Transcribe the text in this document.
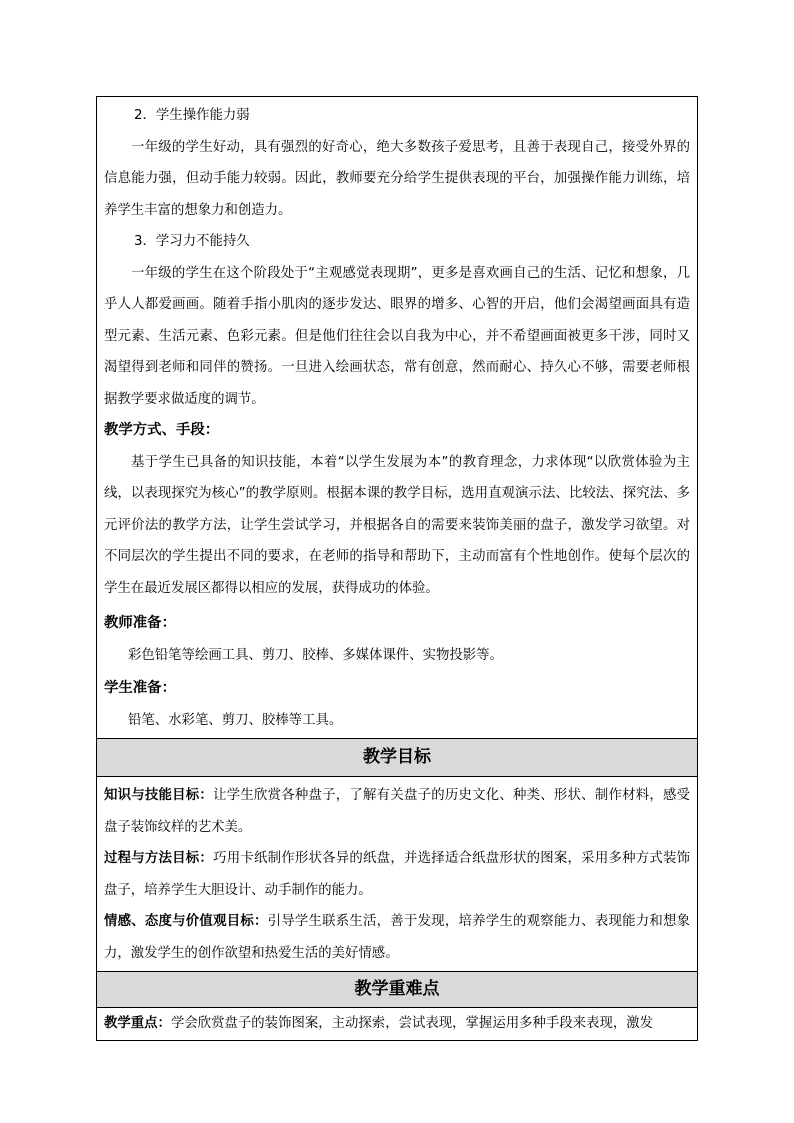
2．学生操作能力弱

一年级的学生好动，具有强烈的好奇心，绝大多数孩子爱思考，且善于表现自己，接受外界的信息能力强，但动手能力较弱。因此，教师要充分给学生提供表现的平台，加强操作能力训练，培养学生丰富的想象力和创造力。

3．学习力不能持久

一年级的学生在这个阶段处于“主观感觉表现期”，更多是喜欢画自己的生活、记忆和想象，几乎人人都爱画画。随着手指小肌肉的逐步发达、眼界的增多、心智的开启，他们会渴望画面具有造型元素、生活元素、色彩元素。但是他们往往会以自我为中心，并不希望画面被更多干涉，同时又渴望得到老师和同伴的赞扬。一旦进入绘画状态，常有创意，然而耐心、持久心不够，需要老师根据教学要求做适度的调节。

教学方式、手段：

基于学生已具备的知识技能，本着“以学生发展为本”的教育理念，力求体现“以欣赏体验为主线，以表现探究为核心”的教学原则。根据本课的教学目标，选用直观演示法、比较法、探究法、多元评价法的教学方法，让学生尝试学习，并根据各自的需要来装饰美丽的盘子，激发学习欲望。对不同层次的学生提出不同的要求，在老师的指导和帮助下，主动而富有个性地创作。使每个层次的学生在最近发展区都得以相应的发展，获得成功的体验。

教师准备：

彩色铅笔等绘画工具、剪刀、胶棒、多媒体课件、实物投影等。

学生准备：

铅笔、水彩笔、剪刀、胶棒等工具。

教学目标

知识与技能目标：让学生欣赏各种盘子，了解有关盘子的历史文化、种类、形状、制作材料，感受盘子装饰纹样的艺术美。

过程与方法目标：巧用卡纸制作形状各异的纸盘，并选择适合纸盘形状的图案，采用多种方式装饰盘子，培养学生大胆设计、动手制作的能力。

情感、态度与价值观目标：引导学生联系生活，善于发现，培养学生的观察能力、表现能力和想象力，激发学生的创作欲望和热爱生活的美好情感。

教学重难点

教学重点：学会欣赏盘子的装饰图案，主动探索，尝试表现，掌握运用多种手段来表现，激发
